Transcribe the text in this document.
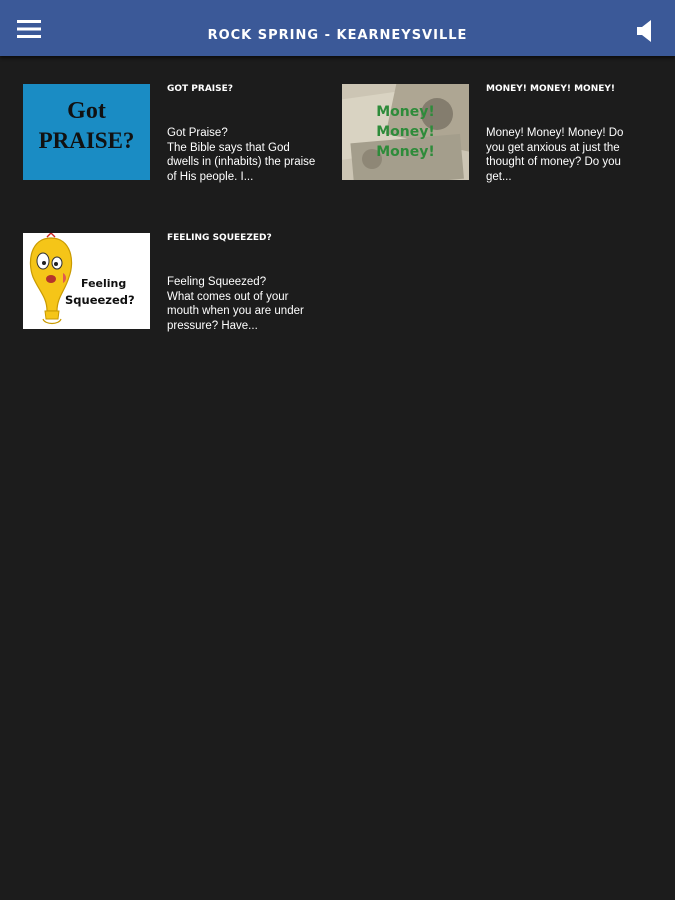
ROCK SPRING - KEARNEYSVILLE
Got
PRAISE?
GOT PRAISE?
Got Praise?
The Bible says that God dwells in (inhabits) the praise of His people. I...
Money!
Money!
Money!
MONEY! MONEY! MONEY!
Money! Money! Money! Do you get anxious at just the thought of money? Do you get...
Feeling
Squeezed?
FEELING SQUEEZED?
Feeling Squeezed?
What comes out of your mouth when you are under pressure? Have...
